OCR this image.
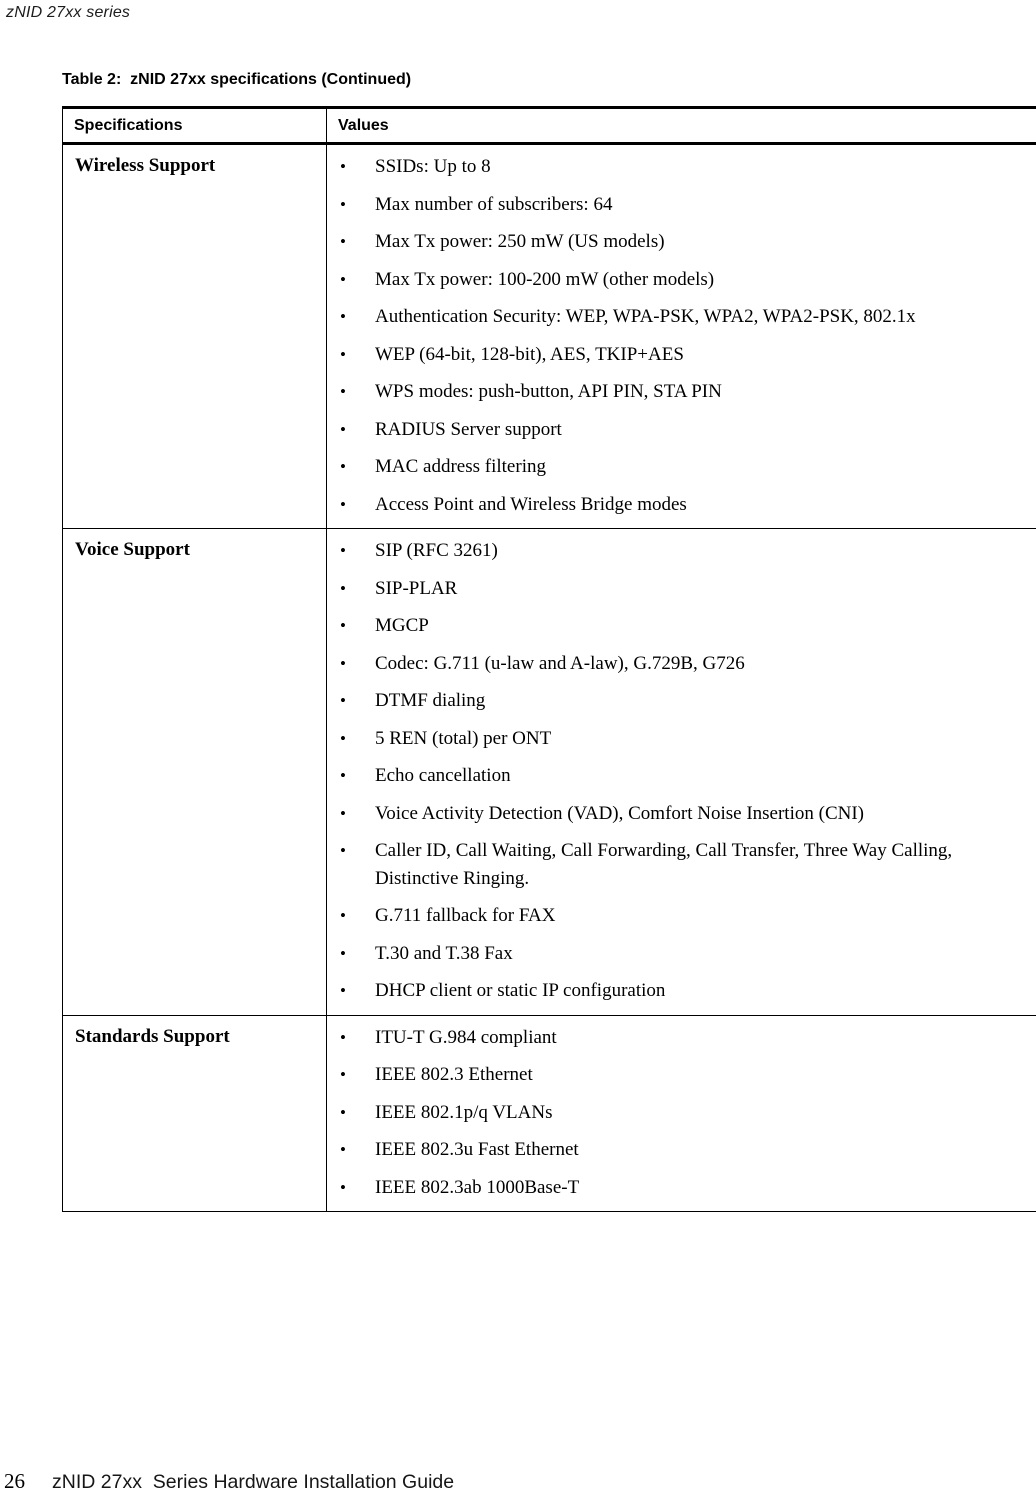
zNID 27xx series
Table 2:  zNID 27xx specifications (Continued)
Specifications	Values
Wireless Support	•	SSIDs: Up to 8
•	Max number of subscribers: 64
•	Max Tx power: 250 mW (US models)
•	Max Tx power: 100-200 mW (other models)
•	Authentication Security: WEP, WPA-PSK, WPA2, WPA2-PSK, 802.1x
•	WEP (64-bit, 128-bit), AES, TKIP+AES
•	WPS modes: push-button, API PIN, STA PIN
•	RADIUS Server support
•	MAC address filtering
•	Access Point and Wireless Bridge modes
Voice Support	•	SIP (RFC 3261)
•	SIP-PLAR
•	MGCP
•	Codec: G.711 (u-law and A-law), G.729B, G726
•	DTMF dialing
•	5 REN (total) per ONT
•	Echo cancellation
•	Voice Activity Detection (VAD), Comfort Noise Insertion (CNI)
•	Caller ID, Call Waiting, Call Forwarding, Call Transfer, Three Way Calling, Distinctive Ringing.
•	G.711 fallback for FAX
•	T.30 and T.38 Fax
•	DHCP client or static IP configuration
Standards Support	•	ITU-T G.984 compliant
•	IEEE 802.3 Ethernet
•	IEEE 802.1p/q VLANs
•	IEEE 802.3u Fast Ethernet
•	IEEE 802.3ab 1000Base-T
26 zNID 27xx  Series Hardware Installation Guide
